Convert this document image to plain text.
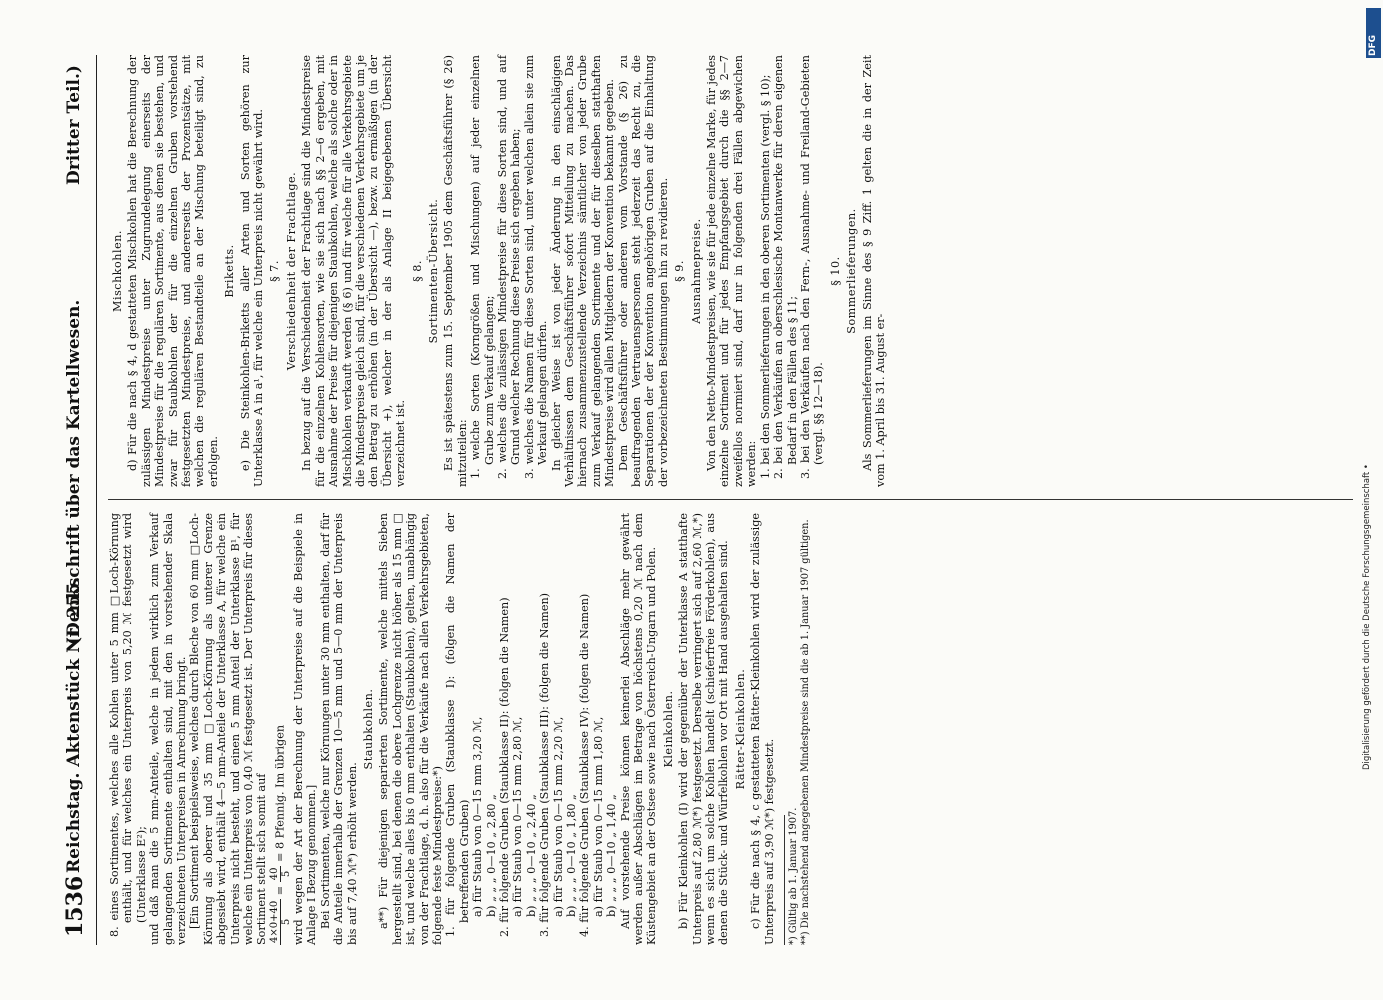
1536
Reichstag. Aktenstück Nr. 255.
(Denkschrift über das Kartellwesen.
Dritter Teil.)

8. eines Sortimentes, welches alle Kohlen unter 5 mm □Loch-Körnung enthält, und für welches ein Unterpreis von 5,20 ℳ festgesetzt wird (Unterklasse E²); und daß man die 5 mm-Anteile, welche in jedem wirklich zum Verkauf gelangenden Sortimente enthalten sind, mit den in vorstehender Skala verzeichneten Unterpreisen in Anrechnung bringt. [Ein Sortiment beispielsweise, welches durch Bleche von 60 mm □Loch-Körnung als oberer und 35 mm □Loch-Körnung als unterer Grenze abgesiebt wird, enthält 4—5 mm-Anteile der Unterklasse A, für welche ein Unterpreis nicht besteht, und einen 5 mm Anteil der Unterklasse B¹, für welche ein Unterpreis von 0,40 ℳ festgesetzt ist. Der Unterpreis für dieses Sortiment stellt sich somit auf 4×0+40 5 =
40 5 = 8 Pfennig. Im übrigen wird wegen der Art der Berechnung der Unterpreise auf die Beispiele in Anlage I Bezug genommen.] Bei Sortimenten, welche nur Körnungen unter 30 mm enthalten, darf für die Anteile innerhalb der Grenzen 10—5 mm und 5—0 mm der Unterpreis bis auf 7,40 ℳ*) erhöht werden.

Staubkohlen. a**) Für diejenigen separierten Sortimente, welche mittels Sieben hergestellt sind, bei denen die obere Lochgrenze nicht höher als 15 mm □ ist, und welche alles bis 0 mm enthalten (Staubkohlen), gelten, unabhängig von der Frachtlage, d. h. also für die Verkäufe nach allen Verkehrsgebieten, folgende feste Mindestpreise:*) 1. für folgende Gruben (Staubklasse I): (folgen die Namen der betreffenden Gruben) a) für Staub von 0—15 mm 3,20 ℳ, b) „ „ „ 0—10 „ 2,80 „ 2. für folgende Gruben (Staubklasse II): (folgen die Namen) a) für Staub von 0—15 mm 2,80 ℳ, b) „ „ „ 0—10 „ 2,40 „ 3. für folgende Gruben (Staubklasse III): (folgen die Namen) a) für Staub von 0—15 mm 2,20 ℳ, b) „ „ „ 0—10 „ 1,80 „ 4. für folgende Gruben (Staubklasse IV): (folgen die Namen) a) für Staub von 0—15 mm 1,80 ℳ, b) „ „ „ 0—10 „ 1,40 „ Auf vorstehende Preise können keinerlei Abschläge mehr gewährt werden außer Abschlägen im Betrage von höchstens 0,20 ℳ nach dem Küstengebiet an der Ostsee sowie nach Österreich-Ungarn und Polen. Kleinkohlen. b) Für Kleinkohlen (I) wird der gegenüber der Unterklasse A statthafte Unterpreis auf 2,80 ℳ*) festgesetzt. Derselbe verringert sich auf 2,60 ℳ,*) wenn es sich um solche Kohlen handelt (schieferfreie Förderkohlen), aus denen die Stück- und Würfelkohlen vor Ort mit Hand ausgehalten sind. Rätter-Kleinkohlen. c) Für die nach § 4, c gestatteten Rätter-Kleinkohlen wird der zulässige Unterpreis auf 3,90 ℳ*) festgesetzt. *) Gültig ab 1. Januar 1907. **) Die nachstehend angegebenen Mindestpreise sind die ab 1. Januar 1907 gültigen.

Mischkohlen. d) Für die nach § 4, d gestatteten Mischkohlen hat die Berechnung der zulässigen Mindestpreise unter Zugrundelegung einerseits der Mindestpreise für die regulären Sortimente, aus denen sie bestehen, und zwar für Staubkohlen der für die einzelnen Gruben vorstehend festgesetzten Mindestpreise, und andererseits der Prozentsätze, mit welchen die regulären Bestandteile an der Mischung beteiligt sind, zu erfolgen.

Briketts. e) Die Steinkohlen-Briketts aller Arten und Sorten gehören zur Unterklasse A in a¹, für welche ein Unterpreis nicht gewährt wird. § 7. Verschiedenheit der Frachtlage. In bezug auf die Verschiedenheit der Frachtlage sind die Mindestpreise für die einzelnen Kohlensorten, wie sie sich nach §§ 2—6 ergeben, mit Ausnahme der Preise für diejenigen Staubkohlen, welche als solche oder in Mischkohlen verkauft werden (§ 6) und für welche für alle Verkehrsgebiete die Mindestpreise gleich sind, für die verschiedenen Verkehrsgebiete um je den Betrag zu erhöhen (in der Übersicht —), bezw. zu ermäßigen (in der Übersicht +), welcher in der als Anlage II beigegebenen Übersicht verzeichnet ist.

§ 8. Sortimenten-Übersicht. Es ist spätestens zum 15. September 1905 dem Geschäftsführer (§ 26) mitzuteilen: 1. welche Sorten (Korngrößen und Mischungen) auf jeder einzelnen Grube zum Verkauf gelangen; 2. welches die zulässigen Mindestpreise für diese Sorten sind, und auf Grund welcher Rechnung diese Preise sich ergeben haben; 3. welches die Namen für diese Sorten sind, unter welchen allein sie zum Verkauf gelangen dürfen. In gleicher Weise ist von jeder Änderung in den einschlägigen Verhältnissen dem Geschäftsführer sofort Mitteilung zu machen. Das hiernach zusammenzustellende Verzeichnis sämtlicher von jeder Grube zum Verkauf gelangenden Sortimente und der für dieselben statthaften Mindestpreise wird allen Mitgliedern der Konvention bekannt gegeben. Dem Geschäftsführer oder anderen vom Vorstande (§ 26) zu beauftragenden Vertrauenspersonen steht jederzeit das Recht zu, die Separationen der der Konvention angehörigen Gruben auf die Einhaltung der vorbezeichneten Bestimmungen hin zu revidieren. § 9. Ausnahmepreise. Von den Netto-Mindestpreisen, wie sie für jede einzelne Marke, für jedes einzelne Sortiment und für jedes Empfangsgebiet durch die §§ 2—7 zweifellos normiert sind, darf nur in folgenden drei Fällen abgewichen werden: 1. bei den Sommerlieferungen in den oberen Sortimenten (vergl. § 10); 2. bei den Verkäufen an oberschlesische Montanwerke für deren eigenen Bedarf in den Fällen des § 11; 3. bei den Verkäufen nach den Fern-, Ausnahme- und Freiland-Gebieten (vergl. §§ 12—18).

§ 10. Sommerlieferungen. Als Sommerlieferungen im Sinne des § 9 Ziff. 1 gelten die in der Zeit vom 1. April bis 31. August er-

Digitalisierung gefördert durch die Deutsche Forschungsgemeinschaft •
DFG
